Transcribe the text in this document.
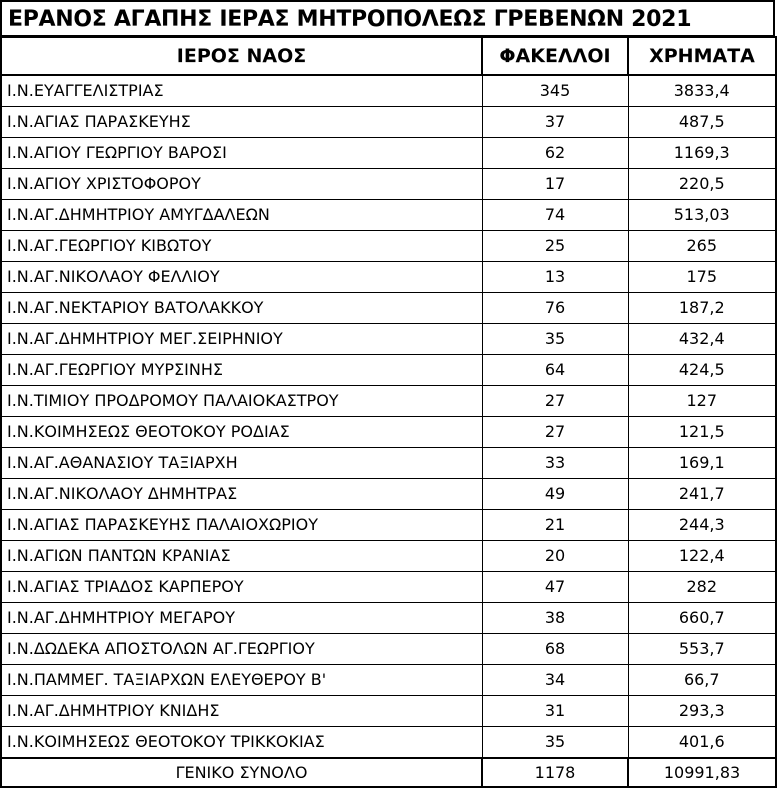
ΕΡΑΝΟΣ ΑΓΑΠΗΣ ΙΕΡΑΣ ΜΗΤΡΟΠΟΛΕΩΣ ΓΡΕΒΕΝΩΝ 2021
ΙΕΡΟΣ ΝΑΟΣ	ΦΑΚΕΛΛΟΙ	ΧΡΗΜΑΤΑ
Ι.Ν.ΕΥΑΓΓΕΛΙΣΤΡΙΑΣ	345	3833,4
Ι.Ν.ΑΓΙΑΣ ΠΑΡΑΣΚΕΥΗΣ	37	487,5
Ι.Ν.ΑΓΙΟΥ ΓΕΩΡΓΙΟΥ ΒΑΡΟΣΙ	62	1169,3
Ι.Ν.ΑΓΙΟΥ ΧΡΙΣΤΟΦΟΡΟΥ	17	220,5
Ι.Ν.ΑΓ.ΔΗΜΗΤΡΙΟΥ ΑΜΥΓΔΑΛΕΩΝ	74	513,03
Ι.Ν.ΑΓ.ΓΕΩΡΓΙΟΥ ΚΙΒΩΤΟΥ	25	265
Ι.Ν.ΑΓ.ΝΙΚΟΛΑΟΥ ΦΕΛΛΙΟΥ	13	175
Ι.Ν.ΑΓ.ΝΕΚΤΑΡΙΟΥ ΒΑΤΟΛΑΚΚΟΥ	76	187,2
Ι.Ν.ΑΓ.ΔΗΜΗΤΡΙΟΥ ΜΕΓ.ΣΕΙΡΗΝΙΟΥ	35	432,4
Ι.Ν.ΑΓ.ΓΕΩΡΓΙΟΥ ΜΥΡΣΙΝΗΣ	64	424,5
Ι.Ν.ΤΙΜΙΟΥ ΠΡΟΔΡΟΜΟΥ ΠΑΛΑΙΟΚΑΣΤΡΟΥ	27	127
Ι.Ν.ΚΟΙΜΗΣΕΩΣ ΘΕΟΤΟΚΟΥ ΡΟΔΙΑΣ	27	121,5
Ι.Ν.ΑΓ.ΑΘΑΝΑΣΙΟΥ ΤΑΞΙΑΡΧΗ	33	169,1
Ι.Ν.ΑΓ.ΝΙΚΟΛΑΟΥ ΔΗΜΗΤΡΑΣ	49	241,7
Ι.Ν.ΑΓΙΑΣ ΠΑΡΑΣΚΕΥΗΣ ΠΑΛΑΙΟΧΩΡΙΟΥ	21	244,3
Ι.Ν.ΑΓΙΩΝ ΠΑΝΤΩΝ ΚΡΑΝΙΑΣ	20	122,4
Ι.Ν.ΑΓΙΑΣ ΤΡΙΑΔΟΣ ΚΑΡΠΕΡΟΥ	47	282
Ι.Ν.ΑΓ.ΔΗΜΗΤΡΙΟΥ ΜΕΓΑΡΟΥ	38	660,7
Ι.Ν.ΔΩΔΕΚΑ ΑΠΟΣΤΟΛΩΝ ΑΓ.ΓΕΩΡΓΙΟΥ	68	553,7
Ι.Ν.ΠΑΜΜΕΓ. ΤΑΞΙΑΡΧΩΝ ΕΛΕΥΘΕΡΟΥ Β'	34	66,7
Ι.Ν.ΑΓ.ΔΗΜΗΤΡΙΟΥ ΚΝΙΔΗΣ	31	293,3
Ι.Ν.ΚΟΙΜΗΣΕΩΣ ΘΕΟΤΟΚΟΥ ΤΡΙΚΚΟΚΙΑΣ	35	401,6
ΓΕΝΙΚΟ ΣΥΝΟΛΟ	1178	10991,83
